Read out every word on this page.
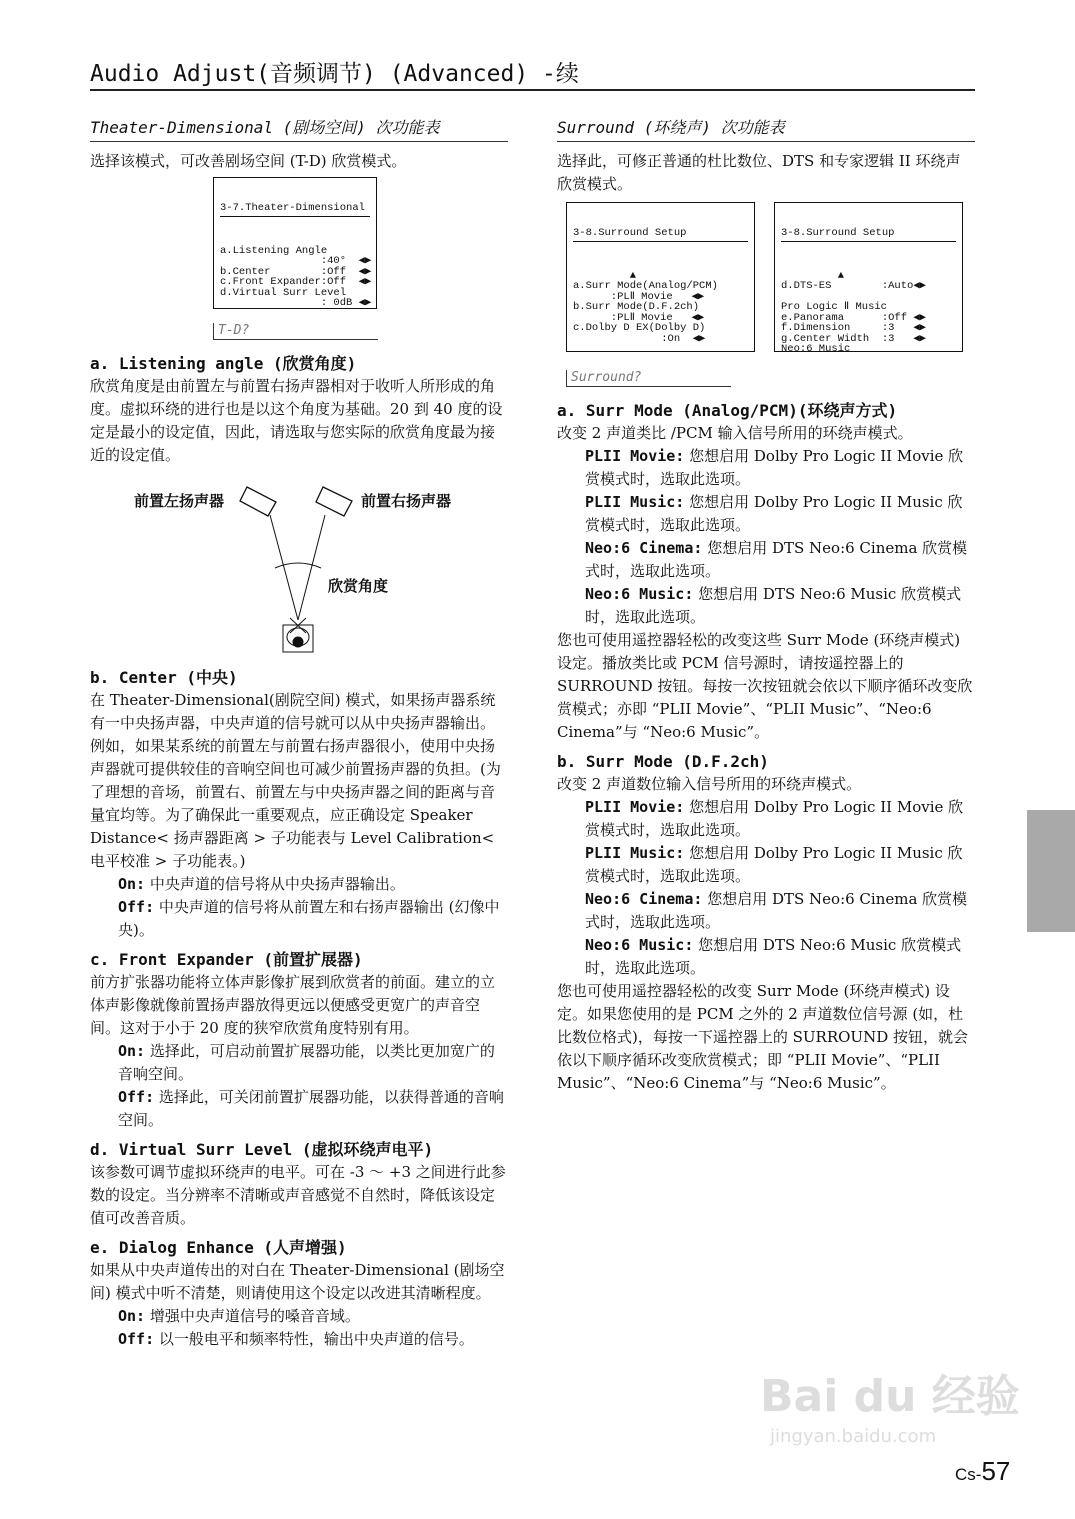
Audio Adjust(音频调节) (Advanced) -续
Theater-Dimensional (剧场空间) 次功能表
选择该模式，可改善剧场空间 (T-D) 欣赏模式。

3-7.Theater-Dimensional

a.Listening Angle
:40°  ◀▶
b.Center        :Off  ◀▶
c.Front Expander:Off  ◀▶
d.Virtual Surr Level
: 0dB ◀▶

T-D?
a. Listening angle (欣赏角度)
欣赏角度是由前置左与前置右扬声器相对于收听人所形成的角度。虚拟环绕的进行也是以这个角度为基础。20 到 40 度的设定是最小的设定值，因此，请选取与您实际的欣赏角度最为接近的设定值。
前置左扬声器	前置右扬声器
欣赏角度
b. Center (中央)
在 Theater-Dimensional(剧院空间) 模式，如果扬声器系统有一中央扬声器，中央声道的信号就可以从中央扬声器输出。例如，如果某系统的前置左与前置右扬声器很小，使用中央扬声器就可提供较佳的音响空间也可减少前置扬声器的负担。(为了理想的音场，前置右、前置左与中央扬声器之间的距离与音量宜均等。为了确保此一重要观点，应正确设定 Speaker Distance< 扬声器距离 > 子功能表与 Level Calibration< 电平校准 > 子功能表。)
On: 中央声道的信号将从中央扬声器输出。
Off: 中央声道的信号将从前置左和右扬声器输出 (幻像中央)。
c. Front Expander (前置扩展器)
前方扩张器功能将立体声影像扩展到欣赏者的前面。建立的立体声影像就像前置扬声器放得更远以便感受更宽广的声音空间。这对于小于 20 度的狭窄欣赏角度特别有用。
On: 选择此，可启动前置扩展器功能，以类比更加宽广的音响空间。
Off: 选择此，可关闭前置扩展器功能，以获得普通的音响空间。
d. Virtual Surr Level (虚拟环绕声电平)
该参数可调节虚拟环绕声的电平。可在 -3 ～ +3 之间进行此参数的设定。当分辨率不清晰或声音感觉不自然时，降低该设定值可改善音质。
e. Dialog Enhance (人声增强)
如果从中央声道传出的对白在 Theater-Dimensional (剧场空间) 模式中听不清楚，则请使用这个设定以改进其清晰程度。
On: 增强中央声道信号的嗓音音域。
Off: 以一般电平和频率特性，输出中央声道的信号。
Surround (环绕声) 次功能表
选择此，可修正普通的杜比数位、DTS 和专家逻辑 II 环绕声欣赏模式。

3-8.Surround Setup

▲
a.Surr Mode(Analog/PCM)
:PLⅡ Movie   ◀▶
b.Surr Mode(D.F.2ch)
:PLⅡ Movie   ◀▶
c.Dolby D EX(Dolby D)
:On  ◀▶

3-8.Surround Setup

▲
d.DTS-ES        :Auto◀▶

Pro Logic Ⅱ Music
e.Panorama      :Off ◀▶
f.Dimension     :3   ◀▶
g.Center Width  :3   ◀▶
Neo:6 Music

Surround?
a. Surr Mode (Analog/PCM)(环绕声方式)
改变 2 声道类比 /PCM 输入信号所用的环绕声模式。
PLII Movie: 您想启用 Dolby Pro Logic II Movie 欣赏模式时，选取此选项。
PLII Music: 您想启用 Dolby Pro Logic II Music 欣赏模式时，选取此选项。
Neo:6 Cinema: 您想启用 DTS Neo:6 Cinema 欣赏模式时，选取此选项。
Neo:6 Music: 您想启用 DTS Neo:6 Music 欣赏模式时，选取此选项。
您也可使用遥控器轻松的改变这些 Surr Mode (环绕声模式) 设定。播放类比或 PCM 信号源时，请按遥控器上的 SURROUND 按钮。每按一次按钮就会依以下顺序循环改变欣赏模式；亦即 “PLII Movie”、“PLII Music”、“Neo:6 Cinema”与 “Neo:6 Music”。
b. Surr Mode (D.F.2ch)
改变 2 声道数位输入信号所用的环绕声模式。
PLII Movie: 您想启用 Dolby Pro Logic II Movie 欣赏模式时，选取此选项。
PLII Music: 您想启用 Dolby Pro Logic II Music 欣赏模式时，选取此选项。
Neo:6 Cinema: 您想启用 DTS Neo:6 Cinema 欣赏模式时，选取此选项。
Neo:6 Music: 您想启用 DTS Neo:6 Music 欣赏模式时，选取此选项。
您也可使用遥控器轻松的改变 Surr Mode (环绕声模式) 设定。如果您使用的是 PCM 之外的 2 声道数位信号源 (如，杜比数位格式)，每按一下遥控器上的 SURROUND 按钮，就会依以下顺序循环改变欣赏模式；即 “PLII Movie”、“PLII Music”、“Neo:6 Cinema”与 “Neo:6 Music”。
Bai du 经验
jingyan.baidu.com
Cs-57
